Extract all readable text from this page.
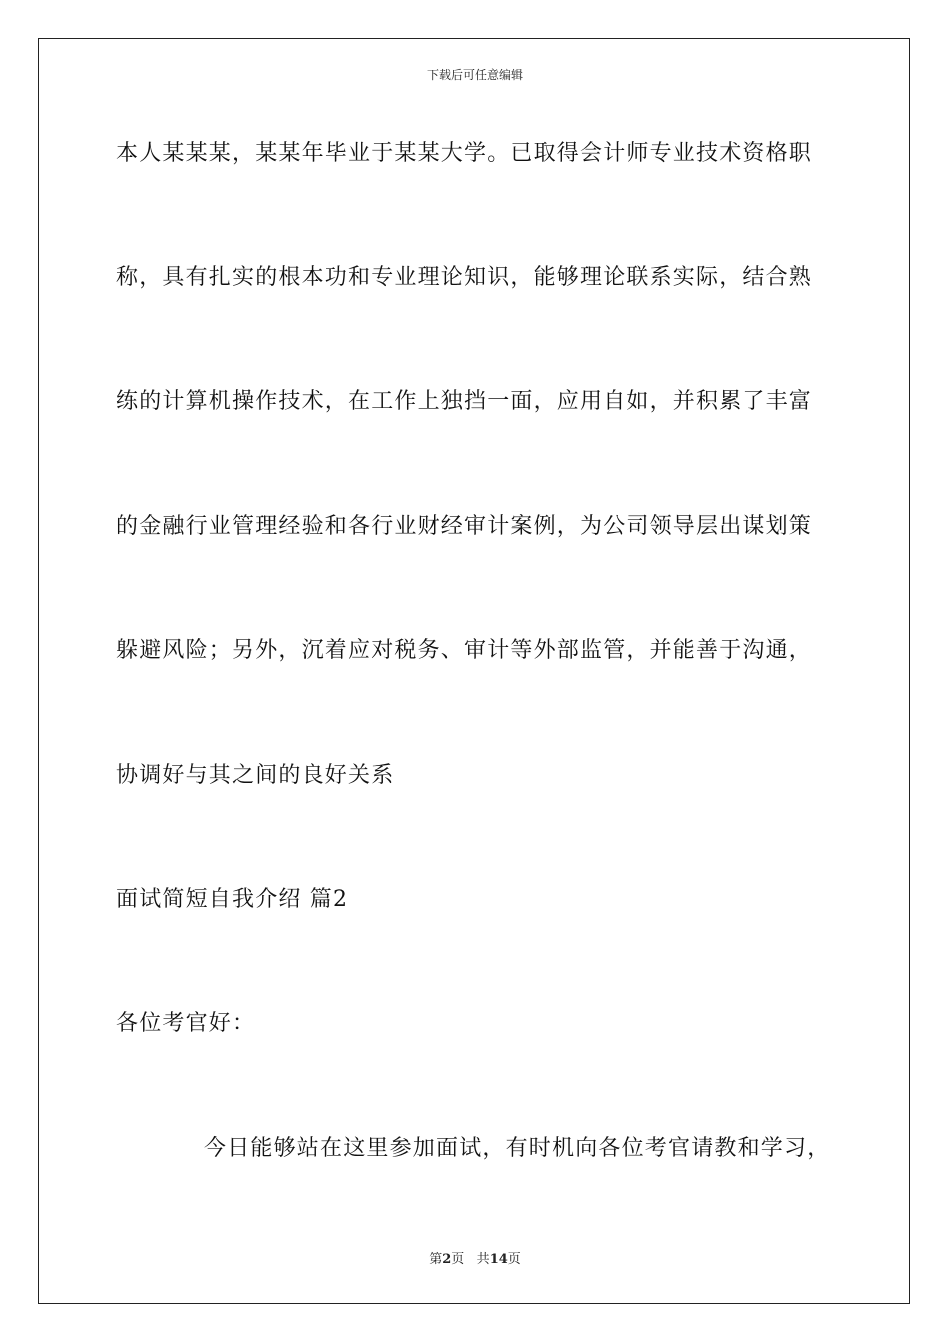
下载后可任意编辑
本人某某某，某某年毕业于某某大学。已取得会计师专业技术资格职
称，具有扎实的根本功和专业理论知识，能够理论联系实际，结合熟
练的计算机操作技术，在工作上独挡一面，应用自如，并积累了丰富
的金融行业管理经验和各行业财经审计案例，为公司领导层出谋划策
躲避风险；另外，沉着应对税务、审计等外部监管，并能善于沟通，
协调好与其之间的良好关系
面试简短自我介绍 篇2
各位考官好：
今日能够站在这里参加面试，有时机向各位考官请教和学习，
第2页 共14页
